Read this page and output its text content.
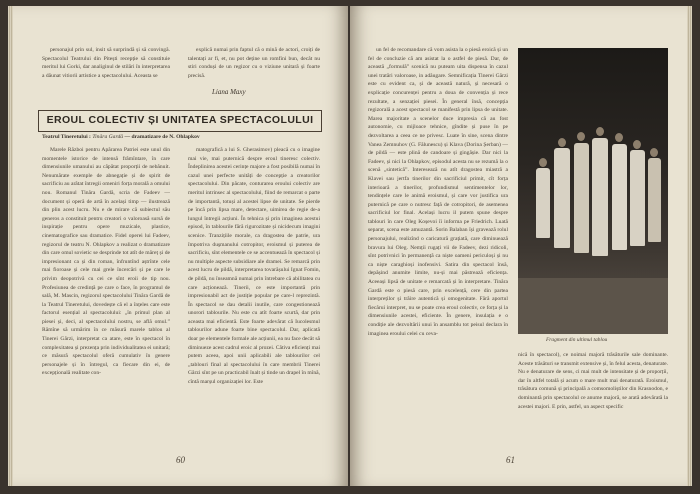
personajul prin sul, insit să surprindă și să convingă. Spectacolul Teatrului din Pitești recepție să constituie meritul lui Gorki, dar analiginul de stilări în interpretarea a dăunat vitiorii artistice a spectacolului. Aceasta se

explică numai prin faptul că o mină de actori, croiți de talentați ar fi, et, nu pot deține un romfini bun, decât nu stiri conduși de un regizor cu o viziune unitară și foarte precisă.

Liana Maxy
EROUL COLECTIV ȘI UNITATEA SPECTACOLULUI
Teatrul Tineretului : Tinăra Gardă — dramatizare de N. Ohlapkov

Marele Război pentru Apărarea Patriei este unul din momentele istorice de intensă frămîntare, în care dimensiunile umanului au căpătat proporții de nebănuit. Nenumărate exemple de abnegație și de spirit de sacrificiu au arătat întregii omeniri forța morală a omului nou. Romanul Tinăra Gardă, scria de Fadeev — document și operă de artă în același timp — ilustrează din plin acest lucru. Nu e de mirare că subiectul său generos a constituit pentru creatori o valoroasă sursă de inspirație pentru opere muzicale, plastice, cinematografice sau dramatice. Fidel operei lui Fadeev, regizorul de teatru N. Ohlapkov a realizat o dramatizare din care omul sovietic se desprinde tot atît de măreț și de impresionant ca și din roman, înfruntînd aștrînte cele mai fioroase și cele mai grele încercări și pe care le privim deopotrivă cu cei ce sînt eroii de tip nou. Profesiunea de credință pe care o face, în programul de sală, M. Mascin, regizorul spectacolului Tinăra Gardă de la Teatrul Tineretului, dovedește că el a înțeles care este factorul esențial al spectacolului: „în primul plan al piesei și, deci, al spectacolului nostru, se află omul.” Rămîne să urmărim în ce măsură marele tablou al Tinerei Gărzi, interpretat ca atare, este în spectacol în complexitatea și prezența prin individualitatea ei unitară; ce măsură spectacolul oferă cumulativ în genere personajele și în întregul, ca fiecare din ei, de excepțională realitate con-

matografică a lui S. Gherasimov) pleacă cu o imagine mai vie, mai puternică despre eroul tineresc colectiv. Îndeplinirea acestei cerințe majore a fost posibilă numai în cazul unei perfecte unități de concepție a creatorilor spectacolului. Din păcate, conturarea eroului colectiv are meritul intrinsec al spectacolului, fiind de remarcat o parte de importantă, totuși al acestei lipse de unitate. Se pierde pe încă prin lipsa mare, detectare, uimirea de regie de-a lungul întregii acțiuni. În tehnica și prin imaginea acestui episod, în tablourile fără rigurozitate și nicidecum imagini scenice. Tranzițiile morale, ca dragostea de patrie, ura împotriva duşmanului cotropitor, eroismul și puterea de sacrificiu, sînt elementele ce se accentuează în spectacol și nu multiple aspecte subsidiare ale dramei. Se remarcă prin acest lucru de pildă, interpretarea tovarășului Ignat Fomin, de pildă, nu înseamnă numai prin întrebare că abilitatea cu care acționează. Tinerii, ce este importantă prin impresionabil act de justiție popular pe care-l reprezintă. În spectacol se dau detalii inutile, care congestionează unorori tablourile. Nu este cu atît foarte scurtă, dar prin aceasta mai eficientă. Este foarte adevărat că Iucolesmul tablourilor adune foarte bine spectacolul. Dar, aplicată doar pe elementele formale ale acțiunii, ea nu face decât să diminueze acest cadrul eroic al prozei. Cătiva eficienți mai putem aceea, apoi unii aplicabili ale tablourilor cel „tablouri final al spectacolului în care membrii Tinerei Gărzi sînt pe un practicabil înalt și tinde un drapel în mînă, cîntă marșul organizației lor. Este

60

un fel de recomandare că vom asista la o piesă eroică și un fel de concluzie că am asistat la o astfel de piesă. Dar, de această „formulă” scenică nu puteam uita dispensa în cazul unei tratări valoroase, in adăugare. Semnificația Tinerei Gărzi este cu evident ca, și de această natură, și necesară o explicație concurenței pentru a doua de convenția și rece rezultate, a senzației piesei. În general însă, concepția regizorală a acest spectacol se manifestă prin lipsa de unitate. Marea majoritate a scenelor duce impresia că au fost autonomie, cu mijloace tehnice, gîndite și puse în pe dezvoltarea a ceea ce ne privesc. Luate în sine, scena dintre Vanea Zemnuhov (G. Fălunescu) și Klava (Dorina Șerban) — de pildă — este plină de candoare și gingășie. Dar nici la Fadeev, și nici la Ohlapkov, episodul acesta nu se rezumă la o scenă „sintetică”. Interesează nu atît dragostea miastră a Klavei sau jertfa tinerilor din sacrificiul primit, cît forța interioară a tinerilor, profundismul sentimentelor lor, tendințele care le animă eroismul, și care vor justifica ura puternică pe care o nutresc față de cotropitori, de asemenea sacrificiul lor final. Același lucru il putem spune despre tablouri în care Oleg Koșevoi îi informa pe Friedrich. Luată separat, scena este amuzantă. Sorin Balaban își gravează rolul personajului, realizînd o caricatură grațiată, care diminuează bravura lui Oleg. Nemții rugați vii de Fadeev, dezi ridicoli, sînt potrivnici în permanență ca niște oameni periculoși și nu ca niște caraghioși inofensivi. Satira din spectacol însă, depășind anumite limite, nu-și mai păstrează eficiența. Aceeași lipsă de unitate e remarcată și în interpretare. Tinăra Gardă este o piesă care, prin excelență, cere din partea interpreților și trăire autentică și omogenitate. Fără aportul fiecărui interpret, nu se poate crea eroul colectiv, ce forța și la dimensiunile acestei, eficiente. În genere, insulația e o condiție ale dezvoltării unui în ansamblu tot peisul declara în imaginea eroului celei cu ceva-

Fragment din ultimul tablou

nică în spectacol), ce noimai majoră trăsăturile sale dominante. Aceste trăsături se transmit extensive și, în felul acesta, denaturate. Nu e denaturare de sens, ci mai mult de intensitate și de proporții, dar în altfel totală și acum o mare mult mai denaturată. Eroismul, trăsătura comună și principală a comsomoliștilor din Krasnodon, e dominantă prin spectacolul ce anume majoră, se arată adevărată la acestei majori. E prin, astfel, un aspect specific

61
